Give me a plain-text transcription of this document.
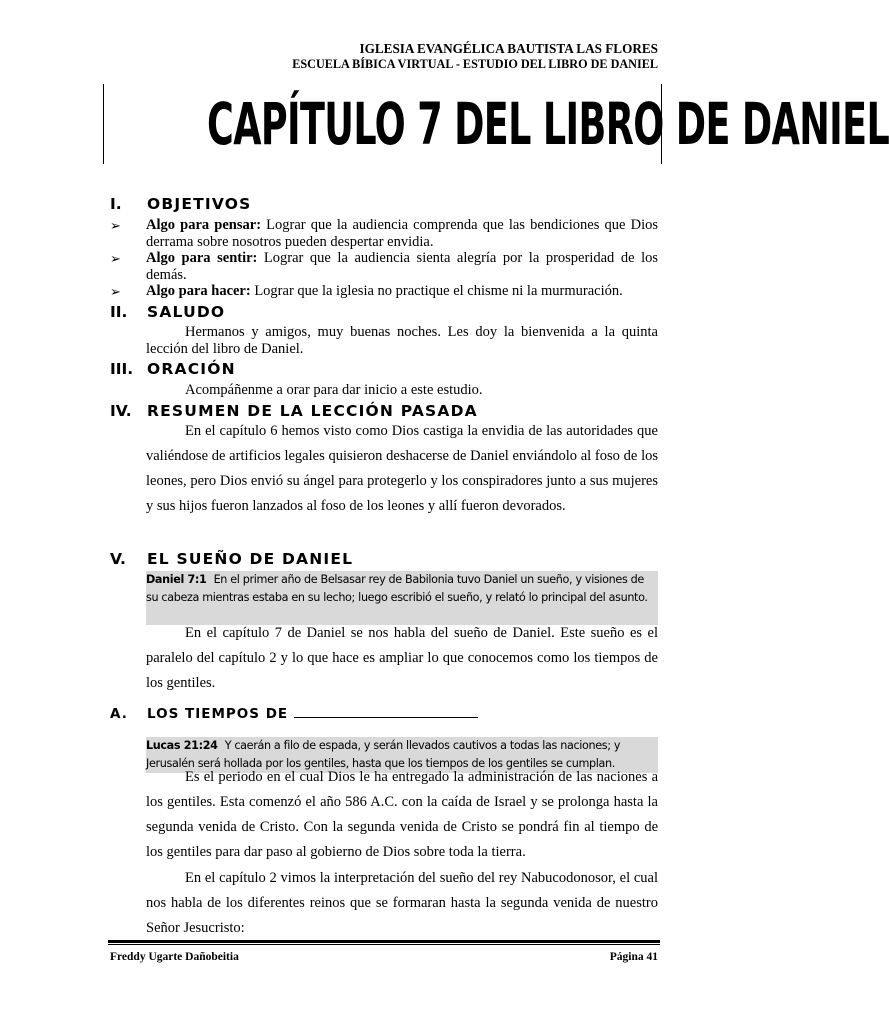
IGLESIA EVANGÉLICA BAUTISTA LAS FLORES
ESCUELA BÍBICA VIRTUAL - ESTUDIO DEL LIBRO DE DANIEL
CAPÍTULO 7 DEL LIBRO DE DANIEL
I. OBJETIVOS
➢ Algo para pensar: Lograr que la audiencia comprenda que las bendiciones que Dios derrama sobre nosotros pueden despertar envidia.
➢ Algo para sentir: Lograr que la audiencia sienta alegría por la prosperidad de los demás.
➢ Algo para hacer: Lograr que la iglesia no practique el chisme ni la murmuración.
II. SALUDO
Hermanos y amigos, muy buenas noches. Les doy la bienvenida a la quinta lección del libro de Daniel.
III. ORACIÓN
Acompáñenme a orar para dar inicio a este estudio.
IV. RESUMEN DE LA LECCIÓN PASADA
En el capítulo 6 hemos visto como Dios castiga la envidia de las autoridades que valiéndose de artificios legales quisieron deshacerse de Daniel enviándolo al foso de los leones, pero Dios envió su ángel para protegerlo y los conspiradores junto a sus mujeres y sus hijos fueron lanzados al foso de los leones y allí fueron devorados.
V. EL SUEÑO DE DANIEL
Daniel 7:1 En el primer año de Belsasar rey de Babilonia tuvo Daniel un sueño, y visiones de su cabeza mientras estaba en su lecho; luego escribió el sueño, y relató lo principal del asunto.
En el capítulo 7 de Daniel se nos habla del sueño de Daniel. Este sueño es el paralelo del capítulo 2 y lo que hace es ampliar lo que conocemos como los tiempos de los gentiles.
A. LOS TIEMPOS DE
Lucas 21:24 Y caerán a filo de espada, y serán llevados cautivos a todas las naciones; y Jerusalén será hollada por los gentiles, hasta que los tiempos de los gentiles se cumplan.
Es el periodo en el cual Dios le ha entregado la administración de las naciones a los gentiles. Esta comenzó el año 586 A.C. con la caída de Israel y se prolonga hasta la segunda venida de Cristo. Con la segunda venida de Cristo se pondrá fin al tiempo de los gentiles para dar paso al gobierno de Dios sobre toda la tierra.
En el capítulo 2 vimos la interpretación del sueño del rey Nabucodonosor, el cual nos habla de los diferentes reinos que se formaran hasta la segunda venida de nuestro Señor Jesucristo:
Freddy Ugarte Dañobeitia	Página 41
